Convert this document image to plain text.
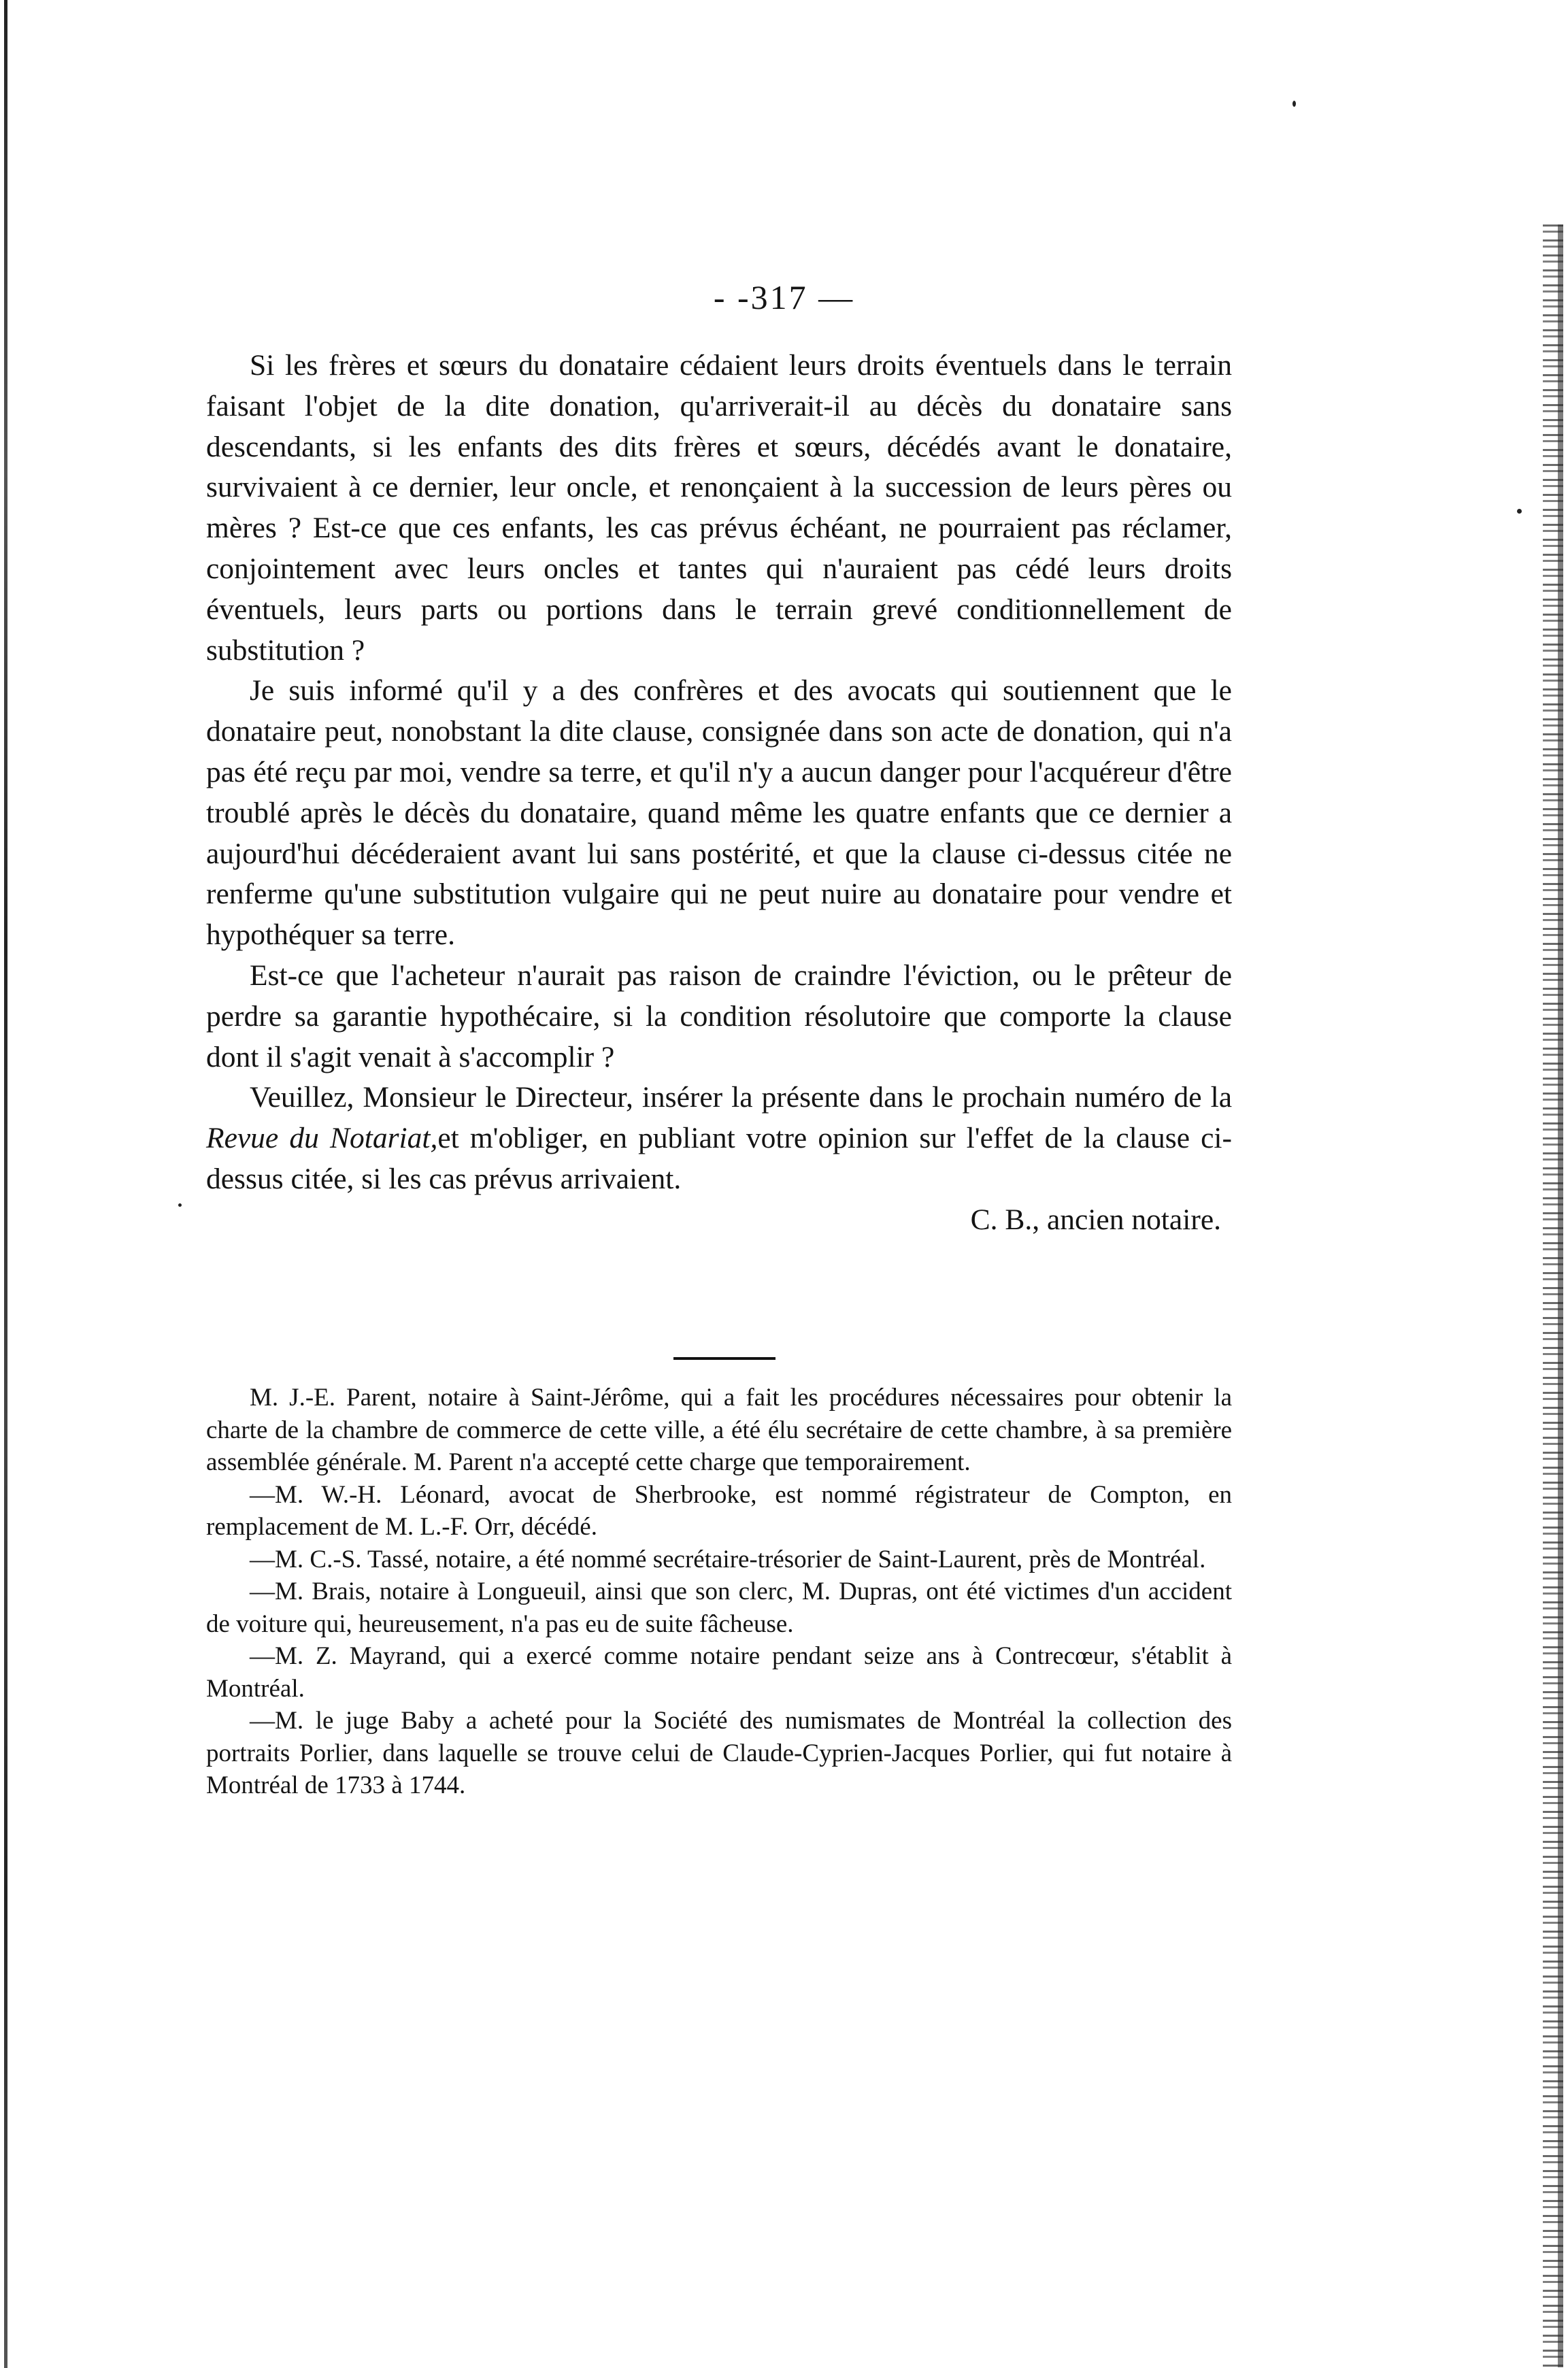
- -317 —

Si les frères et sœurs du donataire cédaient leurs droits éventuels dans le terrain faisant l'objet de la dite donation, qu'arriverait-il au décès du donataire sans descendants, si les enfants des dits frères et sœurs, décédés avant le donataire, survivaient à ce dernier, leur oncle, et renonçaient à la succession de leurs pères ou mères ? Est-ce que ces enfants, les cas prévus échéant, ne pourraient pas réclamer, conjointement avec leurs oncles et tantes qui n'auraient pas cédé leurs droits éventuels, leurs parts ou portions dans le terrain grevé conditionnellement de substitution ?

Je suis informé qu'il y a des confrères et des avocats qui soutiennent que le donataire peut, nonobstant la dite clause, consignée dans son acte de donation, qui n'a pas été reçu par moi, vendre sa terre, et qu'il n'y a aucun danger pour l'acquéreur d'être troublé après le décès du donataire, quand même les quatre enfants que ce dernier a aujourd'hui décéderaient avant lui sans postérité, et que la clause ci-dessus citée ne renferme qu'une substitution vulgaire qui ne peut nuire au donataire pour vendre et hypothéquer sa terre.

Est-ce que l'acheteur n'aurait pas raison de craindre l'éviction, ou le prêteur de perdre sa garantie hypothécaire, si la condition résolutoire que comporte la clause dont il s'agit venait à s'accomplir ?

Veuillez, Monsieur le Directeur, insérer la présente dans le prochain numéro de la Revue du Notariat,et m'obliger, en publiant votre opinion sur l'effet de la clause ci-dessus citée, si les cas prévus arrivaient.

C. B., ancien notaire.

M. J.-E. Parent, notaire à Saint-Jérôme, qui a fait les procédures nécessaires pour obtenir la charte de la chambre de commerce de cette ville, a été élu secrétaire de cette chambre, à sa première assemblée générale. M. Parent n'a accepté cette charge que temporairement.

—M. W.-H. Léonard, avocat de Sherbrooke, est nommé régistrateur de Compton, en remplacement de M. L.-F. Orr, décédé.

—M. C.-S. Tassé, notaire, a été nommé secrétaire-trésorier de Saint-Laurent, près de Montréal.

—M. Brais, notaire à Longueuil, ainsi que son clerc, M. Dupras, ont été victimes d'un accident de voiture qui, heureusement, n'a pas eu de suite fâcheuse.

—M. Z. Mayrand, qui a exercé comme notaire pendant seize ans à Contrecœur, s'établit à Montréal.

—M. le juge Baby a acheté pour la Société des numismates de Montréal la collection des portraits Porlier, dans laquelle se trouve celui de Claude-Cyprien-Jacques Porlier, qui fut notaire à Montréal de 1733 à 1744.
